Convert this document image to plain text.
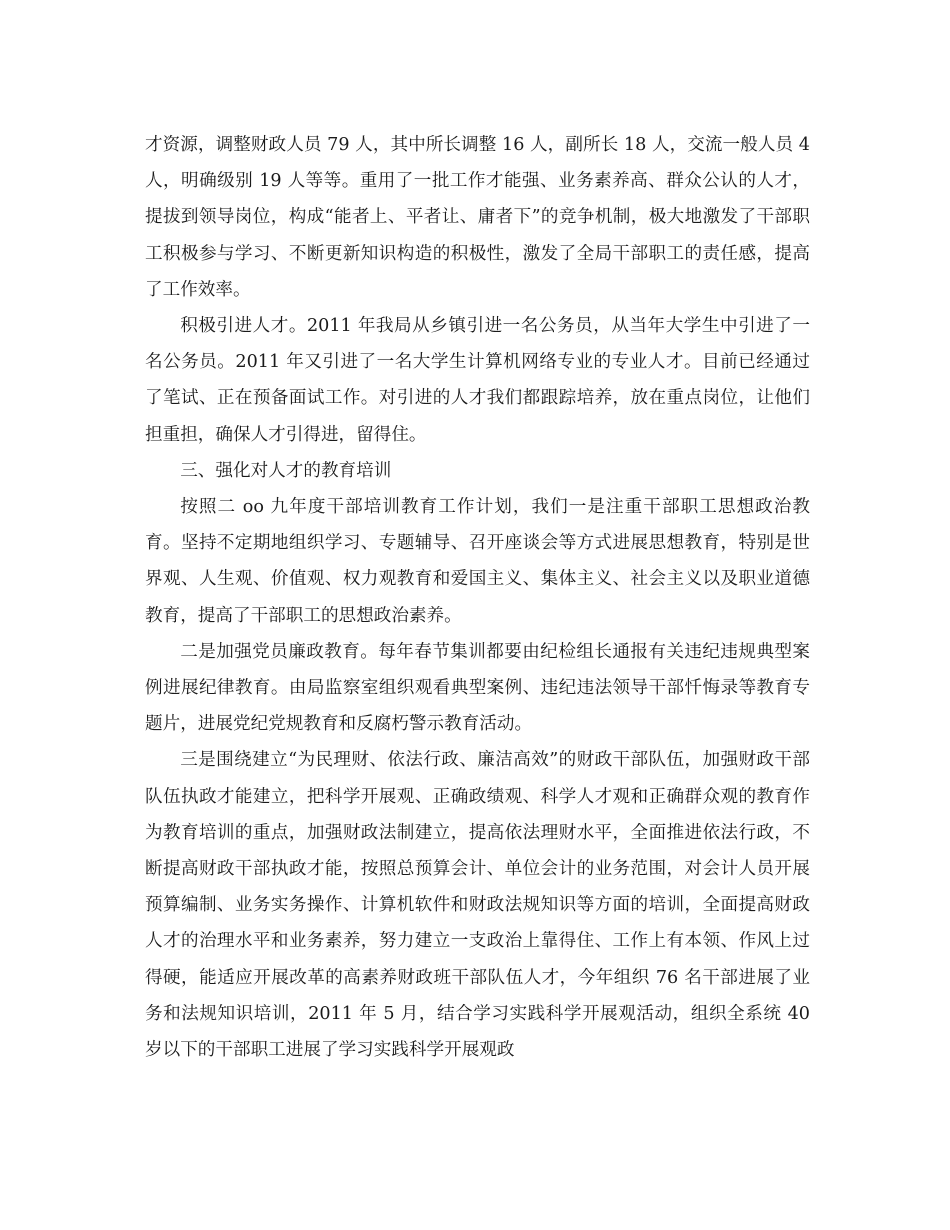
才资源，调整财政人员 79 人，其中所长调整 16 人，副所长 18 人，交流一般人员 4 人，明确级别 19 人等等。重用了一批工作才能强、业务素养高、群众公认的人才，提拔到领导岗位，构成“能者上、平者让、庸者下”的竞争机制，极大地激发了干部职工积极参与学习、不断更新知识构造的积极性，激发了全局干部职工的责任感，提高了工作效率。

积极引进人才。2011 年我局从乡镇引进一名公务员，从当年大学生中引进了一名公务员。2011 年又引进了一名大学生计算机网络专业的专业人才。目前已经通过了笔试、正在预备面试工作。对引进的人才我们都跟踪培养，放在重点岗位，让他们担重担，确保人才引得进，留得住。

三、强化对人才的教育培训

按照二 oo 九年度干部培训教育工作计划，我们一是注重干部职工思想政治教育。坚持不定期地组织学习、专题辅导、召开座谈会等方式进展思想教育，特别是世界观、人生观、价值观、权力观教育和爱国主义、集体主义、社会主义以及职业道德教育，提高了干部职工的思想政治素养。

二是加强党员廉政教育。每年春节集训都要由纪检组长通报有关违纪违规典型案例进展纪律教育。由局监察室组织观看典型案例、违纪违法领导干部忏悔录等教育专题片，进展党纪党规教育和反腐朽警示教育活动。

三是围绕建立“为民理财、依法行政、廉洁高效”的财政干部队伍，加强财政干部队伍执政才能建立，把科学开展观、正确政绩观、科学人才观和正确群众观的教育作为教育培训的重点，加强财政法制建立，提高依法理财水平，全面推进依法行政，不断提高财政干部执政才能，按照总预算会计、单位会计的业务范围，对会计人员开展预算编制、业务实务操作、计算机软件和财政法规知识等方面的培训，全面提高财政人才的治理水平和业务素养，努力建立一支政治上靠得住、工作上有本领、作风上过得硬，能适应开展改革的高素养财政班干部队伍人才，今年组织 76 名干部进展了业务和法规知识培训，2011 年 5 月，结合学习实践科学开展观活动，组织全系统 40 岁以下的干部职工进展了学习实践科学开展观政
